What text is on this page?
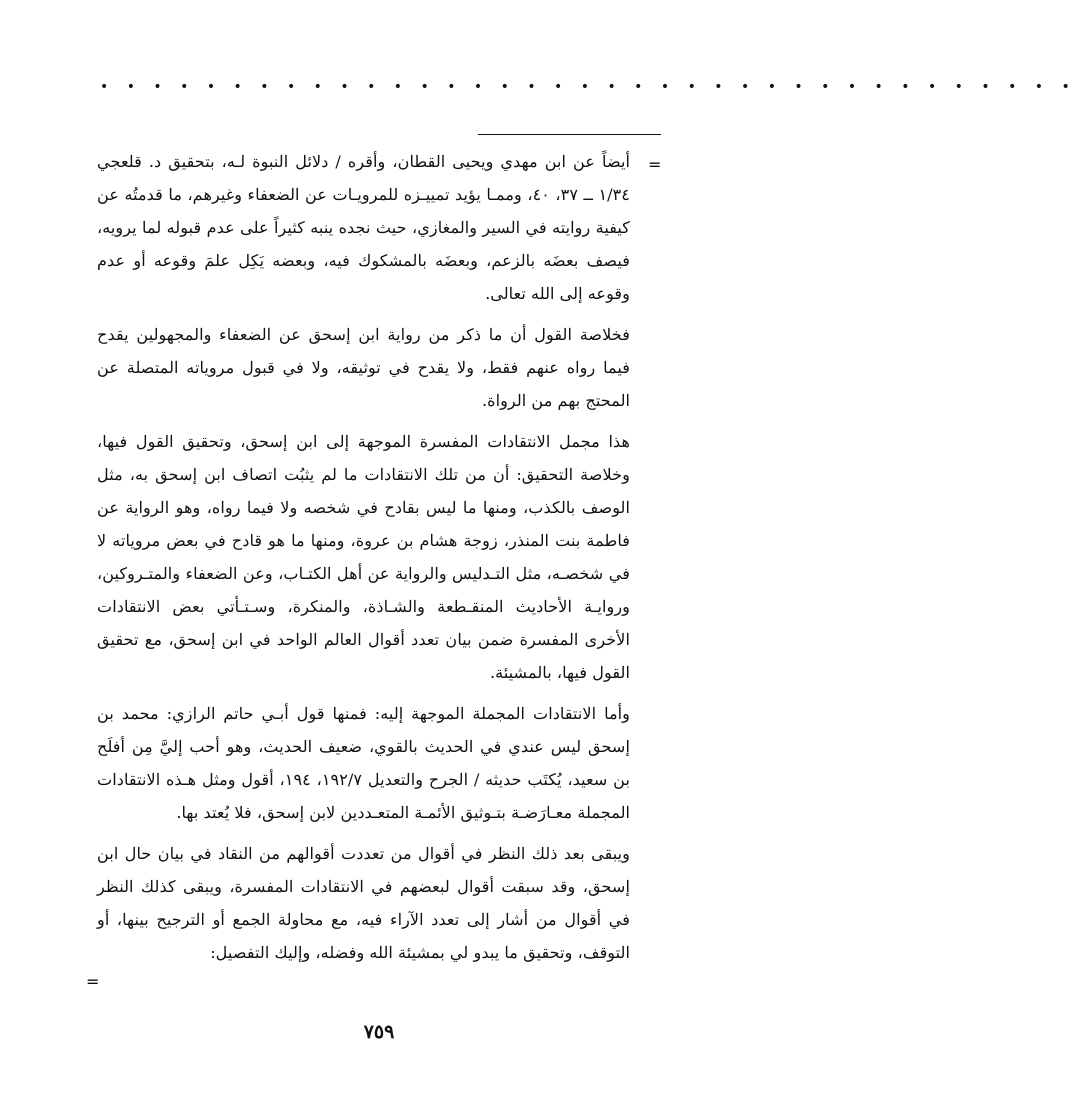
• • • • • • • • • • • • • • • • • • • • • • • • • • • • • • • • • • • • •
=

أيضاً عن ابن مهدي ويحيى القطان، وأقره / دلائل النبوة لـه، بتحقيق د. قلعجي ١/٣٤ ــ ٣٧، ٤٠، وممـا يؤيد تمييـزه للمرويـات عن الضعفاء وغيرهم، ما قدمتُه عن كيفية روايته في السير والمغازي، حيث نجده ينبه كثيراً على عدم قبوله لما يرويه، فيصف بعضَه بالزعم، وبعضَه بالمشكوك فيه، وبعضه يَكِل علمَ وقوعه أو عدم وقوعه إلى الله تعالى.

فخلاصة القول أن ما ذكر من رواية ابن إسحق عن الضعفاء والمجهولين يقدح فيما رواه عنهم فقط، ولا يقدح في توثيقه، ولا في قبول مروياته المتصلة عن المحتج بهم من الرواة.

هذا مجمل الانتقادات المفسرة الموجهة إلى ابن إسحق، وتحقيق القول فيها، وخلاصة التحقيق: أن من تلك الانتقادات ما لم يثبُت اتصاف ابن إسحق به، مثل الوصف بالكذب، ومنها ما ليس بقادح في شخصه ولا فيما رواه، وهو الرواية عن فاطمة بنت المنذر، زوجة هشام بن عروة، ومنها ما هو قادح في بعض مروياته لا في شخصـه، مثل التـدليس والرواية عن أهل الكتـاب، وعن الضعفاء والمتـروكين، وروايـة الأحاديث المنقـطعة والشـاذة، والمنكرة، وسـتـأتي بعض الانتقادات الأخرى المفسرة ضمن بيان تعدد أقوال العالم الواحد في ابن إسحق، مع تحقيق القول فيها، بالمشيئة.

وأما الانتقادات المجملة الموجهة إليه: فمنها قول أبـي حاتم الرازي: محمد بن إسحق ليس عندي في الحديث بالقوي، ضعيف الحديث، وهو أحب إليَّ مِن أفلَح بن سعيد، يُكتَب حديثه / الجرح والتعديل ١٩٢/٧، ١٩٤، أقول ومثل هـذه الانتقادات المجملة معـارَضـة بتـوثيق الأئمـة المتعـددين لابن إسحق، فلا يُعتد بها.

ويبقى بعد ذلك النظر في أقوال من تعددت أقوالهم من النقاد في بيان حال ابن إسحق، وقد سبقت أقوال لبعضهم في الانتقادات المفسرة، ويبقى كذلك النظر في أقوال من أشار إلى تعدد الآراء فيه، مع محاولة الجمع أو الترجيح بينها، أو التوقف، وتحقيق ما يبدو لي بمشيئة الله وفضله، وإليك التفصيل:

=
٧٥٩
